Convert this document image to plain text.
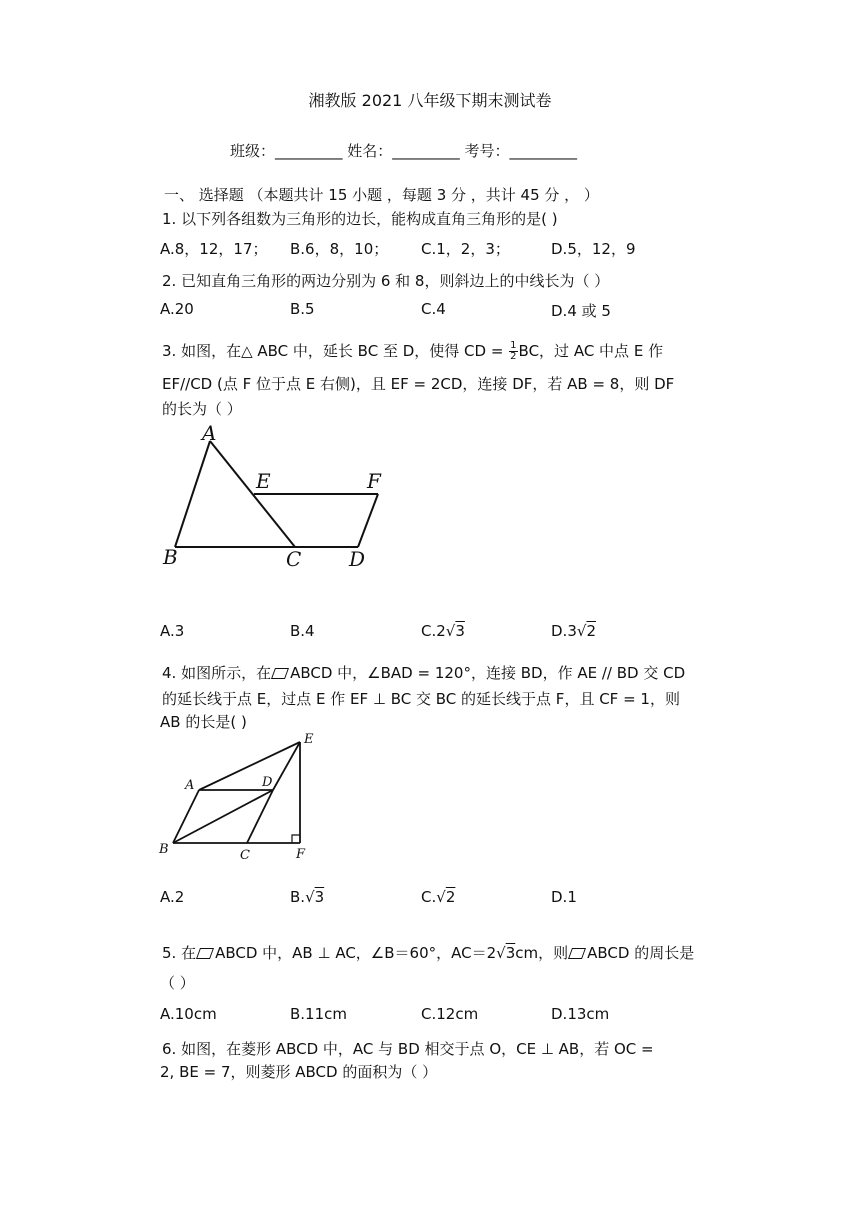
湘教版 2021 八年级下期末测试卷
班级：_________ 姓名：_________ 考号：_________
一、 选择题 （本题共计 15 小题 ，每题 3 分 ，共计 45 分 ， ）
1. 以下列各组数为三角形的边长，能构成直角三角形的是( )
A.8，12，17； B.6，8，10； C.1，2，3；	D.5，12，9
2. 已知直角三角形的两边分别为 6 和 8，则斜边上的中线长为（ ）
A.20	B.5	C.4	D.4 或 5
3. 如图，在△ ABC 中，延长 BC 至 D，使得 CD = $\frac{1}{2}$ BC，过 AC 中点 E 作
EF//CD (点 F 位于点 E 右侧)，且 EF = 2CD，连接 DF，若 AB = 8，则 DF
的长为（ ）
A
E	F
B	C D
A.3	B.4	C.2√3	D.3√2
4. 如图所示，在 ABCD 中，∠BAD = 120°，连接 BD，作 AE // BD 交 CD
的延长线于点 E，过点 E 作 EF ⊥ BC 交 BC 的延长线于点 F，且 CF = 1，则
AB 的长是( )
E
A	D
B	C	F
A.2	B.√3	C.√2	D.1
5. 在 ABCD 中，AB ⊥ AC，∠B＝60°，AC＝2√3cm，则 ABCD 的周长是
（ ）
A.10cm	B.11cm	C.12cm	D.13cm
6. 如图，在菱形 ABCD 中，AC 与 BD 相交于点 O，CE ⊥ AB，若 OC =
2, BE = 7，则菱形 ABCD 的面积为（ ）
